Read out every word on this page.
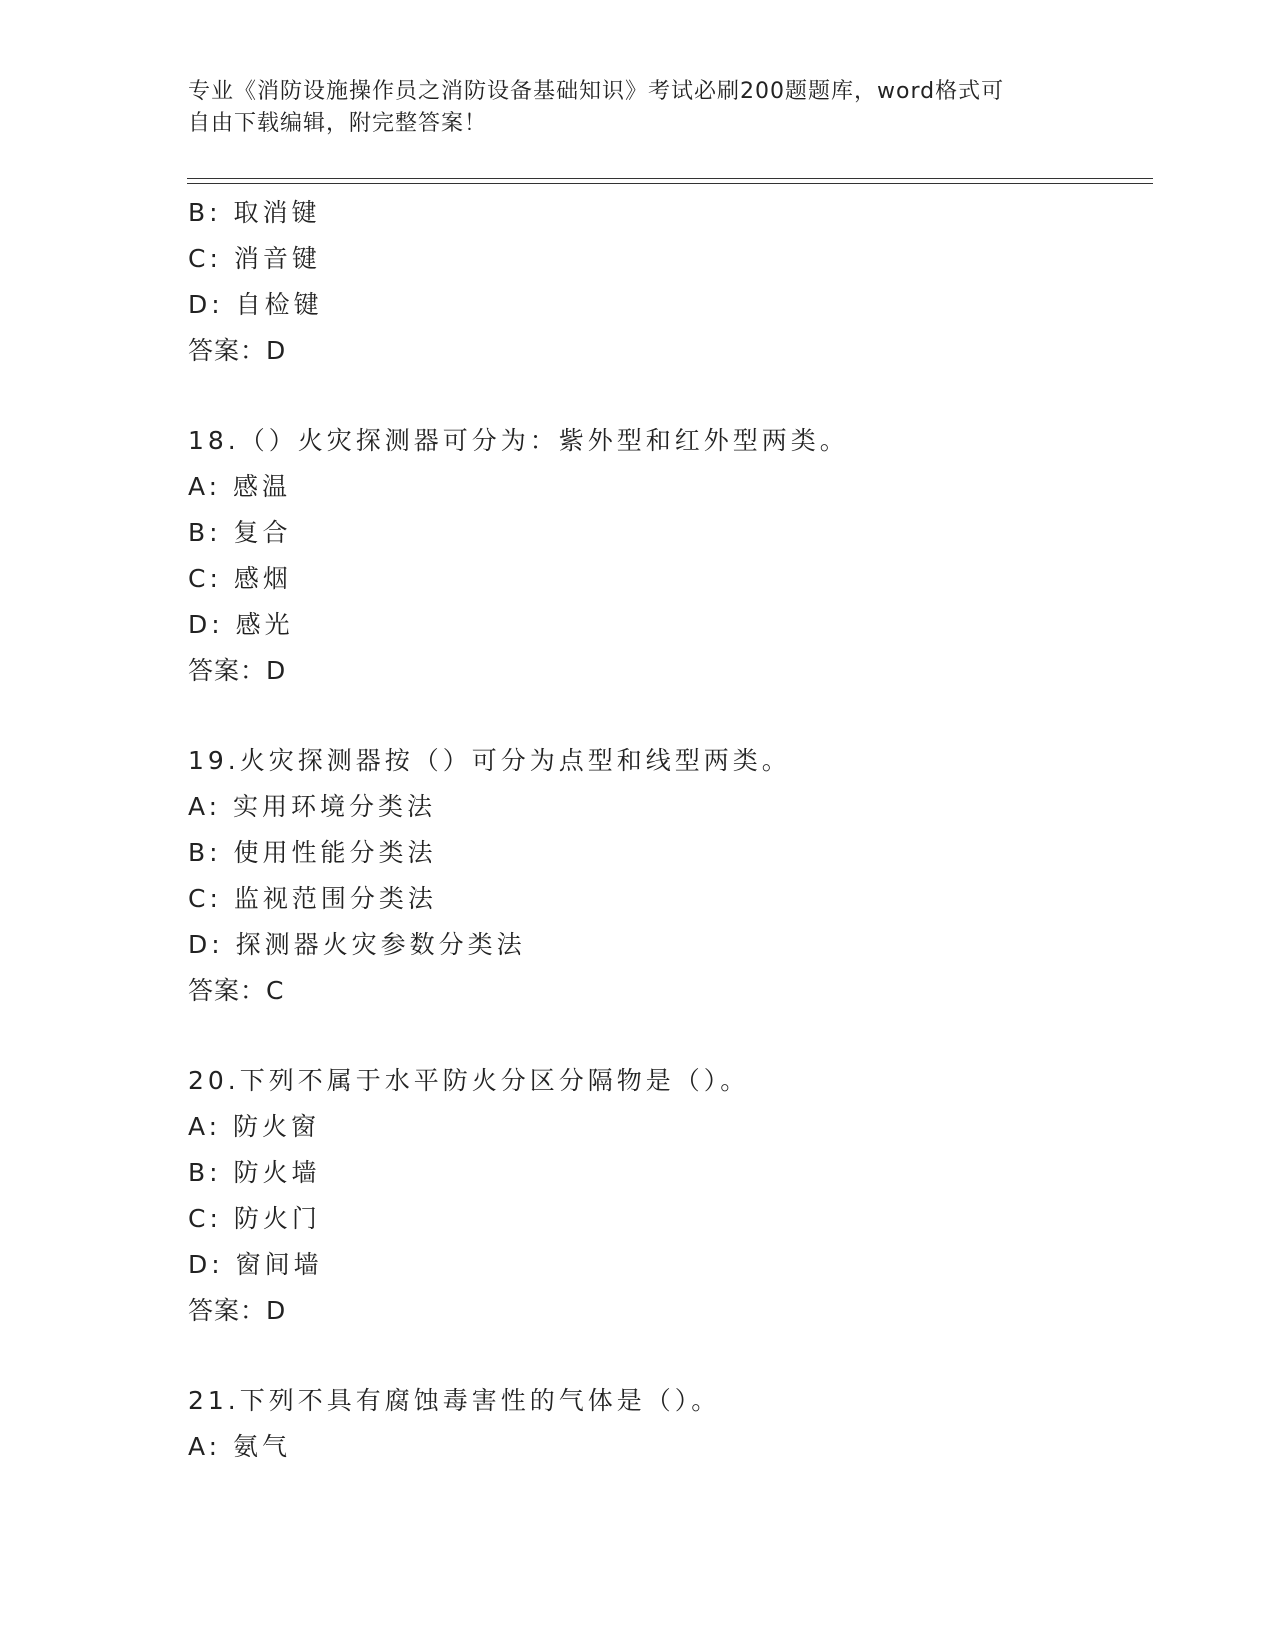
专业《消防设施操作员之消防设备基础知识》考试必刷200题题库，word格式可
自由下载编辑，附完整答案！
B: 取消键
C: 消音键
D: 自检键
答案：D
18.（）火灾探测器可分为：紫外型和红外型两类。
A: 感温
B: 复合
C: 感烟
D: 感光
答案：D
19.火灾探测器按（）可分为点型和线型两类。
A: 实用环境分类法
B: 使用性能分类法
C: 监视范围分类法
D: 探测器火灾参数分类法
答案：C
20.下列不属于水平防火分区分隔物是（）。
A: 防火窗
B: 防火墙
C: 防火门
D: 窗间墙
答案：D
21.下列不具有腐蚀毒害性的气体是（）。
A: 氨气
